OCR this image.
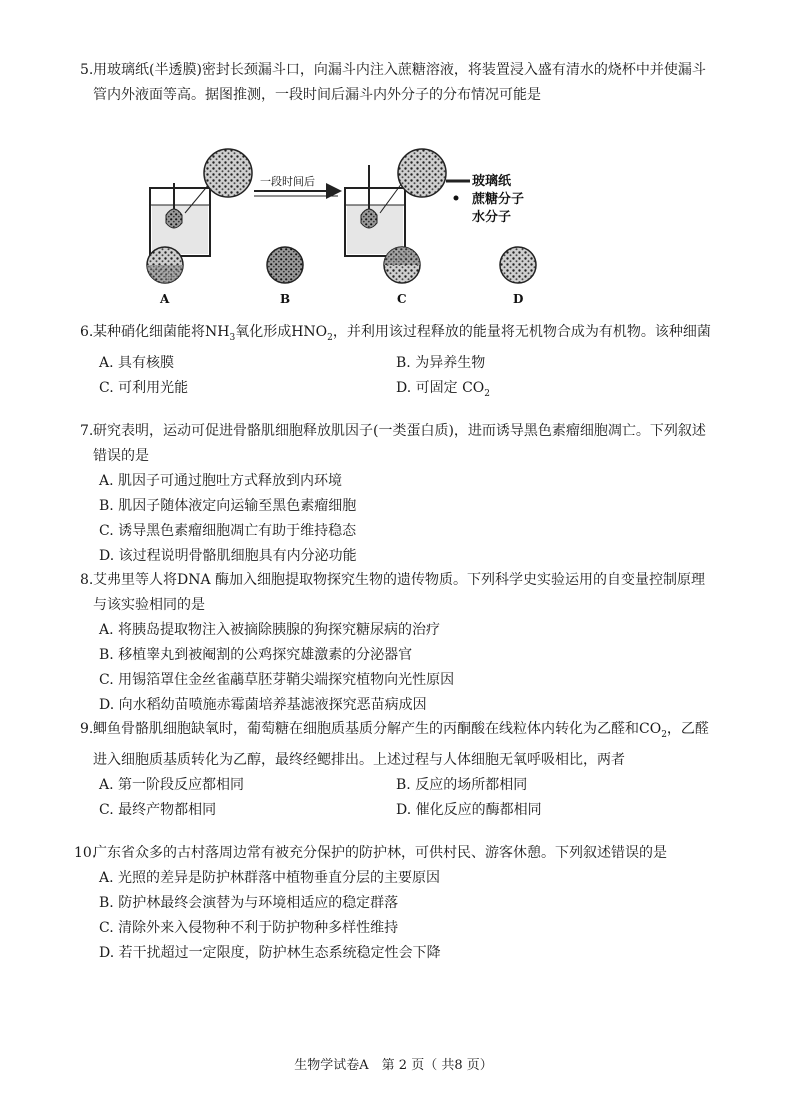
5. 用玻璃纸(半透膜)密封长颈漏斗口，向漏斗内注入蔗糖溶液，将装置浸入盛有清水的烧杯中并使漏斗管内外液面等高。据图推测，一段时间后漏斗内外分子的分布情况可能是

一段时间后	玻璃纸
蔗糖分子
水分子
A	B	C	D
6. 某种硝化细菌能将$NH_3$氧化形成$HNO_2$，并利用该过程释放的能量将无机物合成为有机物。该种细菌

A. 具有核膜	B. 为异养生物
C. 可利用光能	D. 可固定 $CO_2$
7. 研究表明，运动可促进骨骼肌细胞释放肌因子(一类蛋白质)，进而诱导黑色素瘤细胞凋亡。下列叙述错误的是

A. 肌因子可通过胞吐方式释放到内环境
B. 肌因子随体液定向运输至黑色素瘤细胞
C. 诱导黑色素瘤细胞凋亡有助于维持稳态
D. 该过程说明骨骼肌细胞具有内分泌功能
8. 艾弗里等人将DNA 酶加入细胞提取物探究生物的遗传物质。下列科学史实验运用的自变量控制原理与该实验相同的是

A. 将胰岛提取物注入被摘除胰腺的狗探究糖尿病的治疗
B. 移植睾丸到被阉割的公鸡探究雄激素的分泌器官
C. 用锡箔罩住金丝雀虉草胚芽鞘尖端探究植物向光性原因
D. 向水稻幼苗喷施赤霉菌培养基滤液探究恶苗病成因
9. 鲫鱼骨骼肌细胞缺氧时，葡萄糖在细胞质基质分解产生的丙酮酸在线粒体内转化为乙醛和$CO_2$，乙醛进入细胞质基质转化为乙醇，最终经鳃排出。上述过程与人体细胞无氧呼吸相比，两者

A. 第一阶段反应都相同	B. 反应的场所都相同
C. 最终产物都相同	D. 催化反应的酶都相同
10.

广东省众多的古村落周边常有被充分保护的防护林，可供村民、游客休憩。下列叙述错误的是

A. 光照的差异是防护林群落中植物垂直分层的主要原因
B. 防护林最终会演替为与环境相适应的稳定群落
C. 清除外来入侵物种不利于防护物种多样性维持
D. 若干扰超过一定限度，防护林生态系统稳定性会下降
生物学试卷A　第 2 页（ 共8 页）
